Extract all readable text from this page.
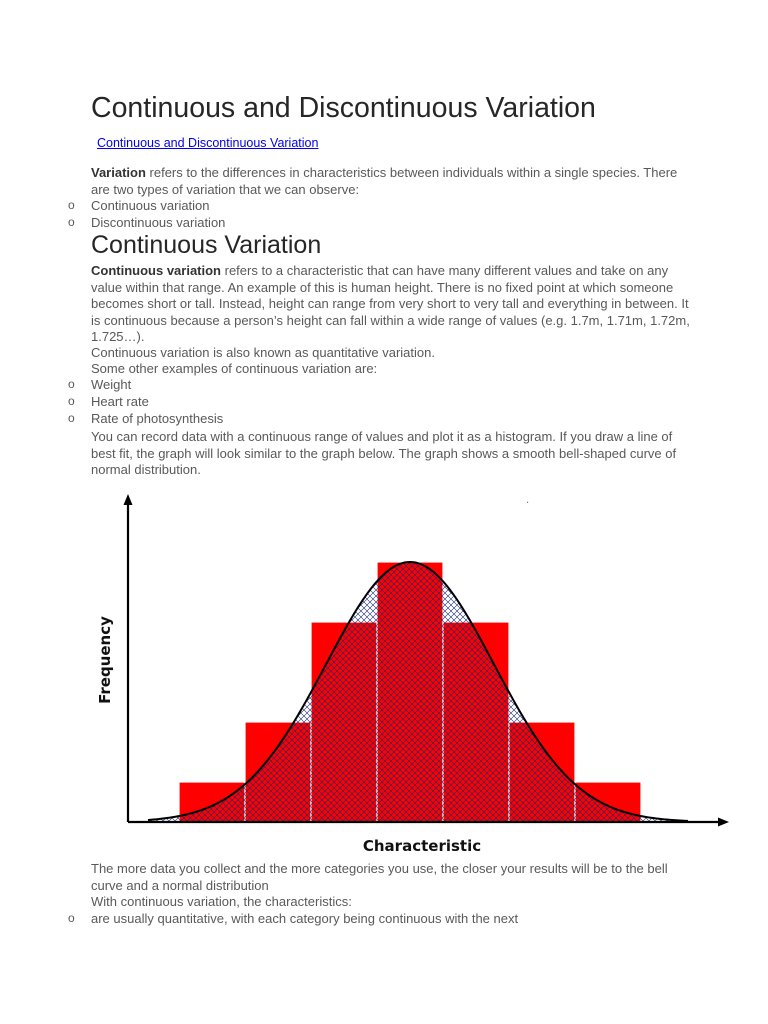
Continuous and Discontinuous Variation
Continuous and Discontinuous Variation

Variation refers to the differences in characteristics between individuals within a single species. There are two types of variation that we can observe:

o Continuous variation
o Discontinuous variation
Continuous Variation

Continuous variation refers to a characteristic that can have many different values and take on any value within that range. An example of this is human height. There is no fixed point at which someone becomes short or tall. Instead, height can range from very short to very tall and everything in between. It is continuous because a person’s height can fall within a wide range of values (e.g. 1.7m, 1.71m, 1.72m, 1.725…).

Continuous variation is also known as quantitative variation.

Some other examples of continuous variation are:

o Weight
o Heart rate
o Rate of photosynthesis

You can record data with a continuous range of values and plot it as a histogram. If you draw a line of best fit, the graph will look similar to the graph below. The graph shows a smooth bell-shaped curve of normal distribution.

Frequency
Characteristic
.

The more data you collect and the more categories you use, the closer your results will be to the bell curve and a normal distribution

With continuous variation, the characteristics:

o are usually quantitative, with each category being continuous with the next
